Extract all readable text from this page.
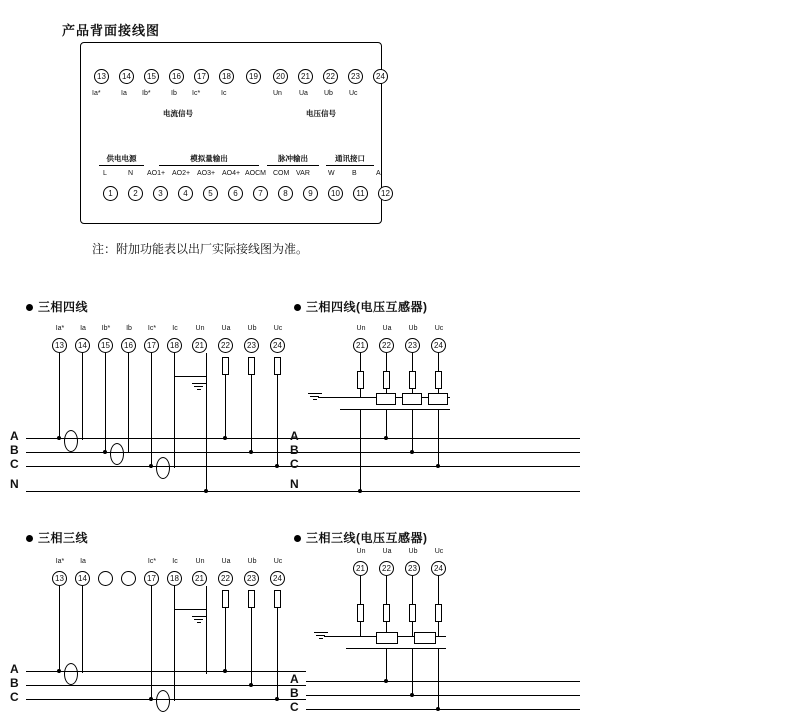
产品背面接线图
13	14	15	16	17	18	19	20	21	22	23	24
Ia*	Ia Ib*	Ib Ic*	Ic	Un Ua Ub Uc
电流信号	电压信号
供电电源	模拟量输出	脉冲输出	通讯接口
L	N AO1+ AO2+ AO3+ AO4+ AOCM COM VAR	W B	A
1	2	3	4	5	6	7	8	9	10	11	12
注：附加功能表以出厂实际接线图为准。
三相四线
Ia*	Ia	Ib*	Ib	Ic*	Ic	Un	Ua	Ub	Uc
13	14	15	16	17	18	21	22	23	24
A
B
C
N
三相四线(电压互感器)
Un	Ua	Ub	Uc
21	22	23	24
A
B
C
N
三相三线
Ia*	Ia	Ic*	Ic	Un	Ua	Ub	Uc
13	14	17	18	21	22	23	24
A
B
C
三相三线(电压互感器)
Un	Ua	Ub	Uc
21	22	23	24
A
B
C
